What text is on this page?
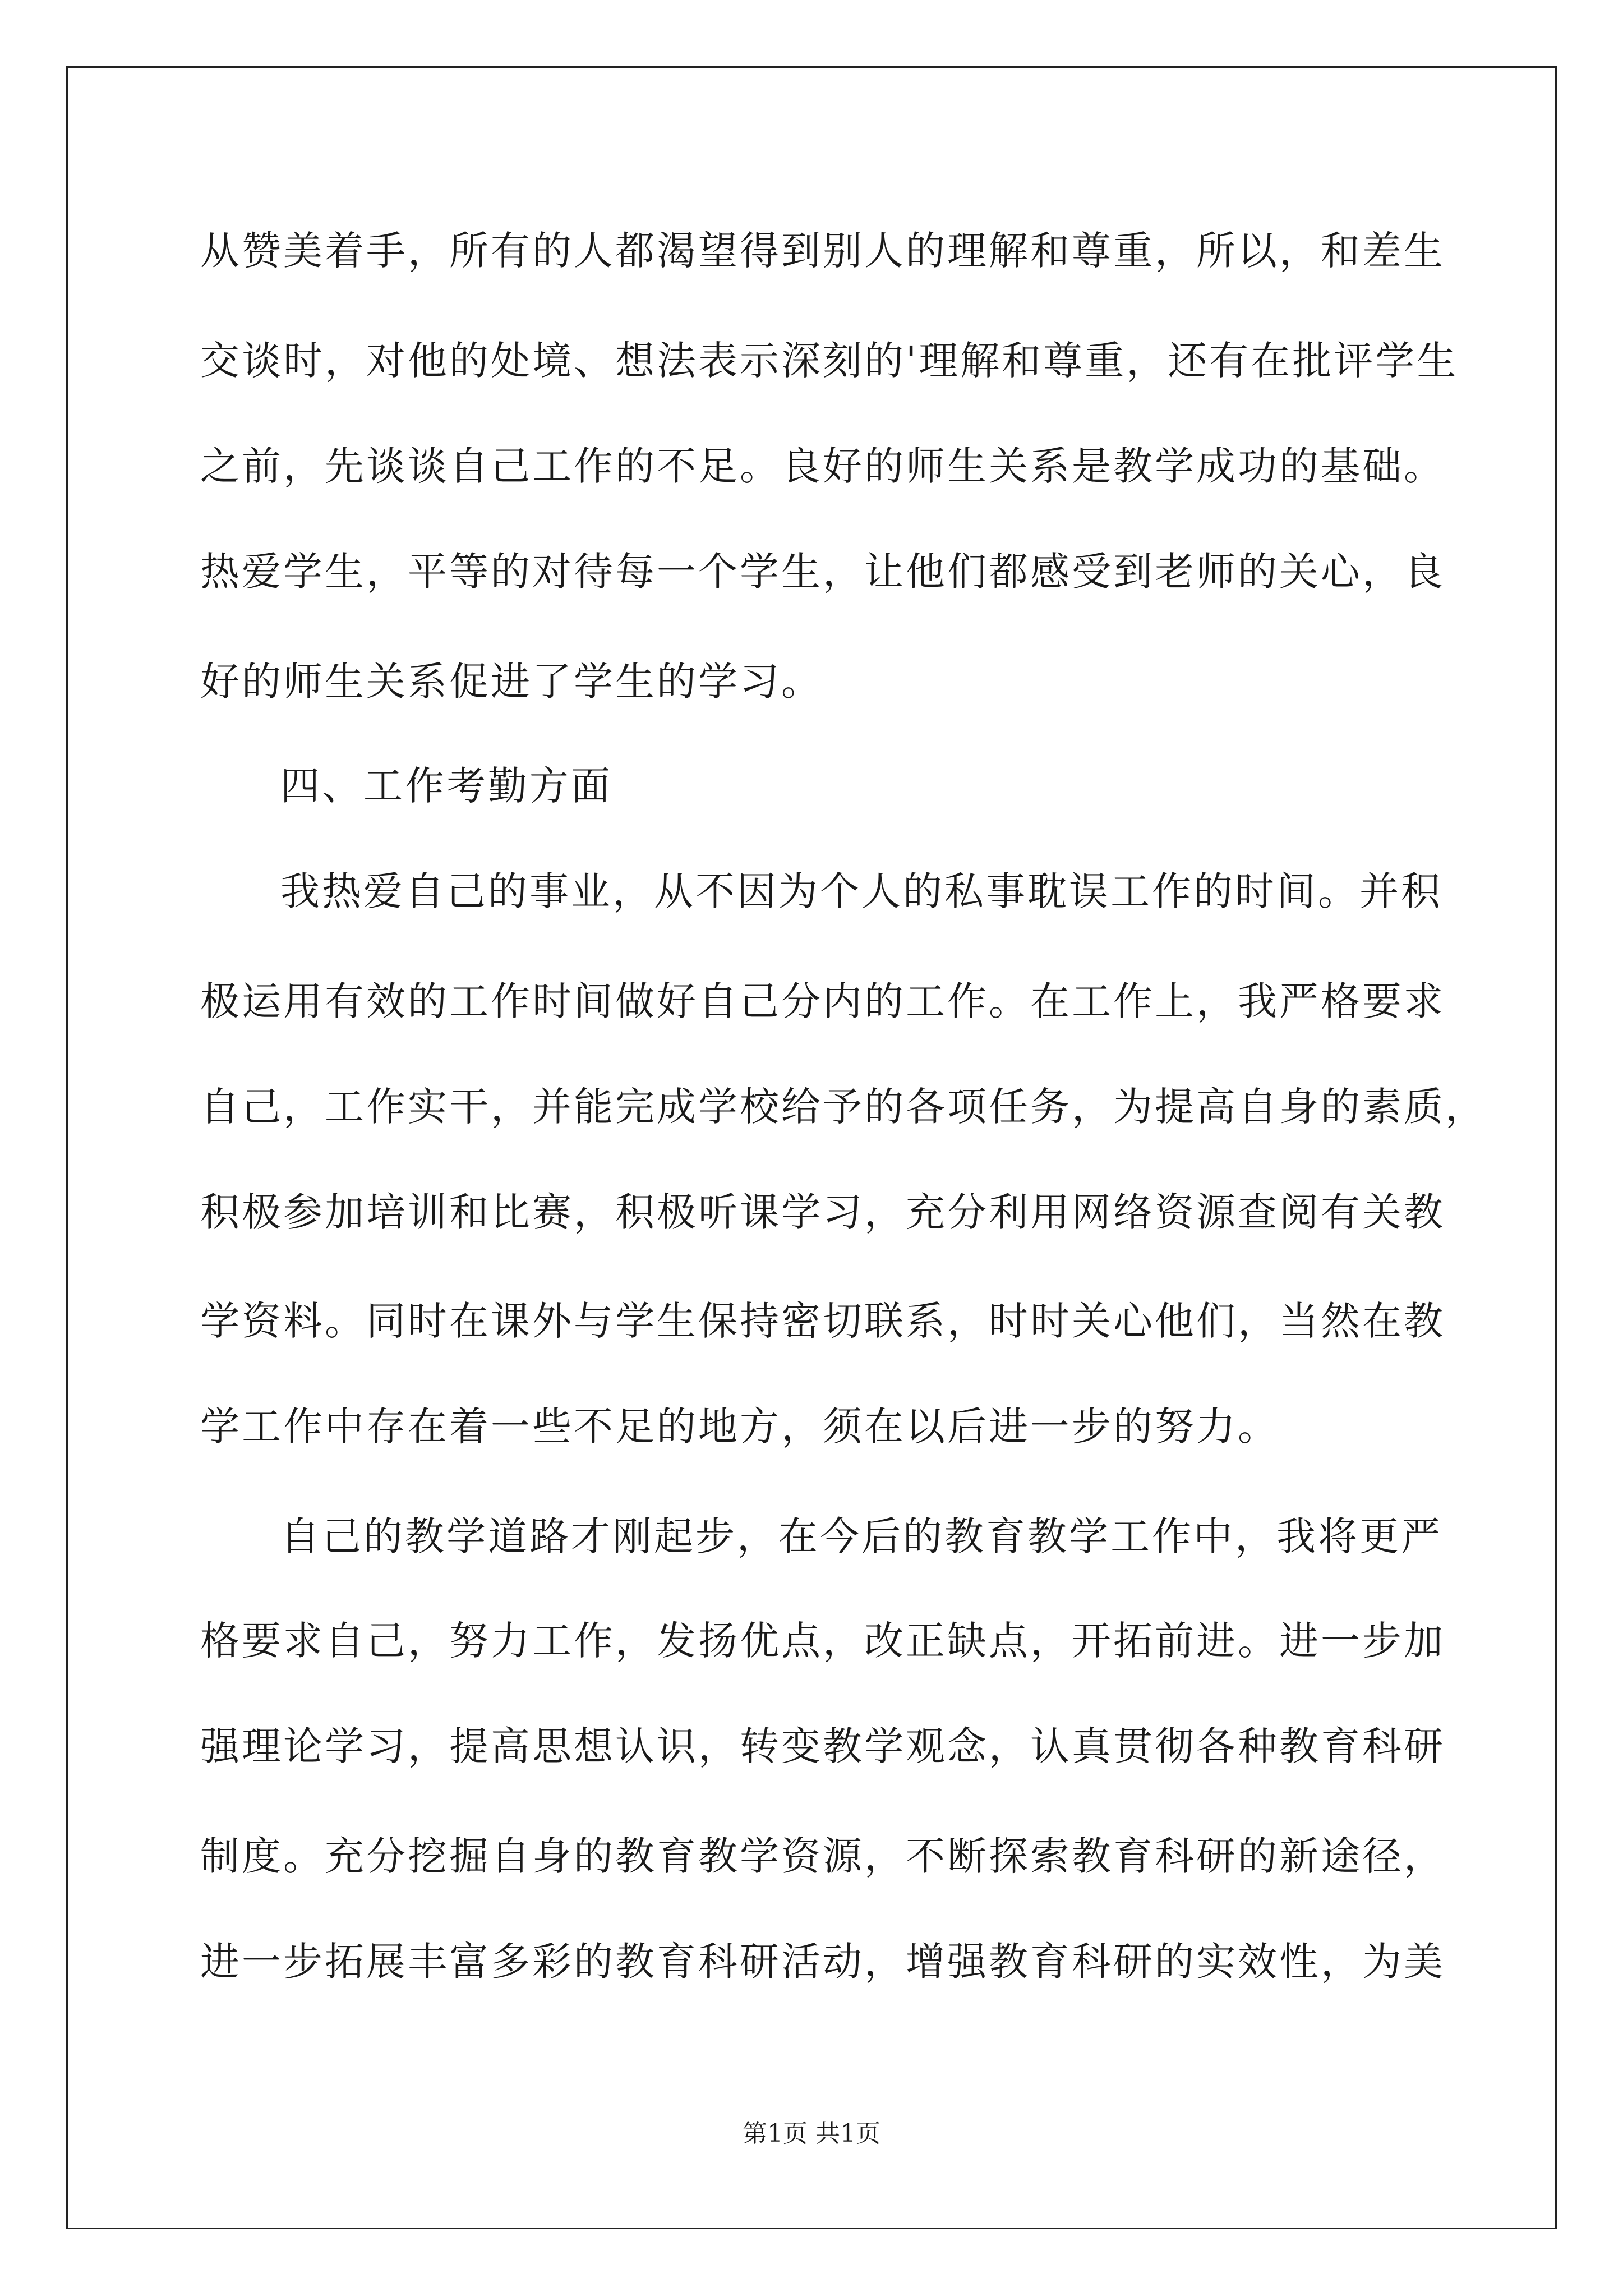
从赞美着手，所有的人都渴望得到别人的理解和尊重，所以，和差生
交谈时，对他的处境、想法表示深刻的'理解和尊重，还有在批评学生
之前，先谈谈自己工作的不足。良好的师生关系是教学成功的基础。
热爱学生，平等的对待每一个学生，让他们都感受到老师的关心，良
好的师生关系促进了学生的学习。
四、工作考勤方面
我热爱自己的事业，从不因为个人的私事耽误工作的时间。并积
极运用有效的工作时间做好自己分内的工作。在工作上，我严格要求
自己，工作实干，并能完成学校给予的各项任务，为提高自身的素质，
积极参加培训和比赛，积极听课学习，充分利用网络资源查阅有关教
学资料。同时在课外与学生保持密切联系，时时关心他们，当然在教
学工作中存在着一些不足的地方，须在以后进一步的努力。
自己的教学道路才刚起步，在今后的教育教学工作中，我将更严
格要求自己，努力工作，发扬优点，改正缺点，开拓前进。进一步加
强理论学习，提高思想认识，转变教学观念，认真贯彻各种教育科研
制度。充分挖掘自身的教育教学资源，不断探索教育科研的新途径，
进一步拓展丰富多彩的教育科研活动，增强教育科研的实效性，为美
第1页 共1页
